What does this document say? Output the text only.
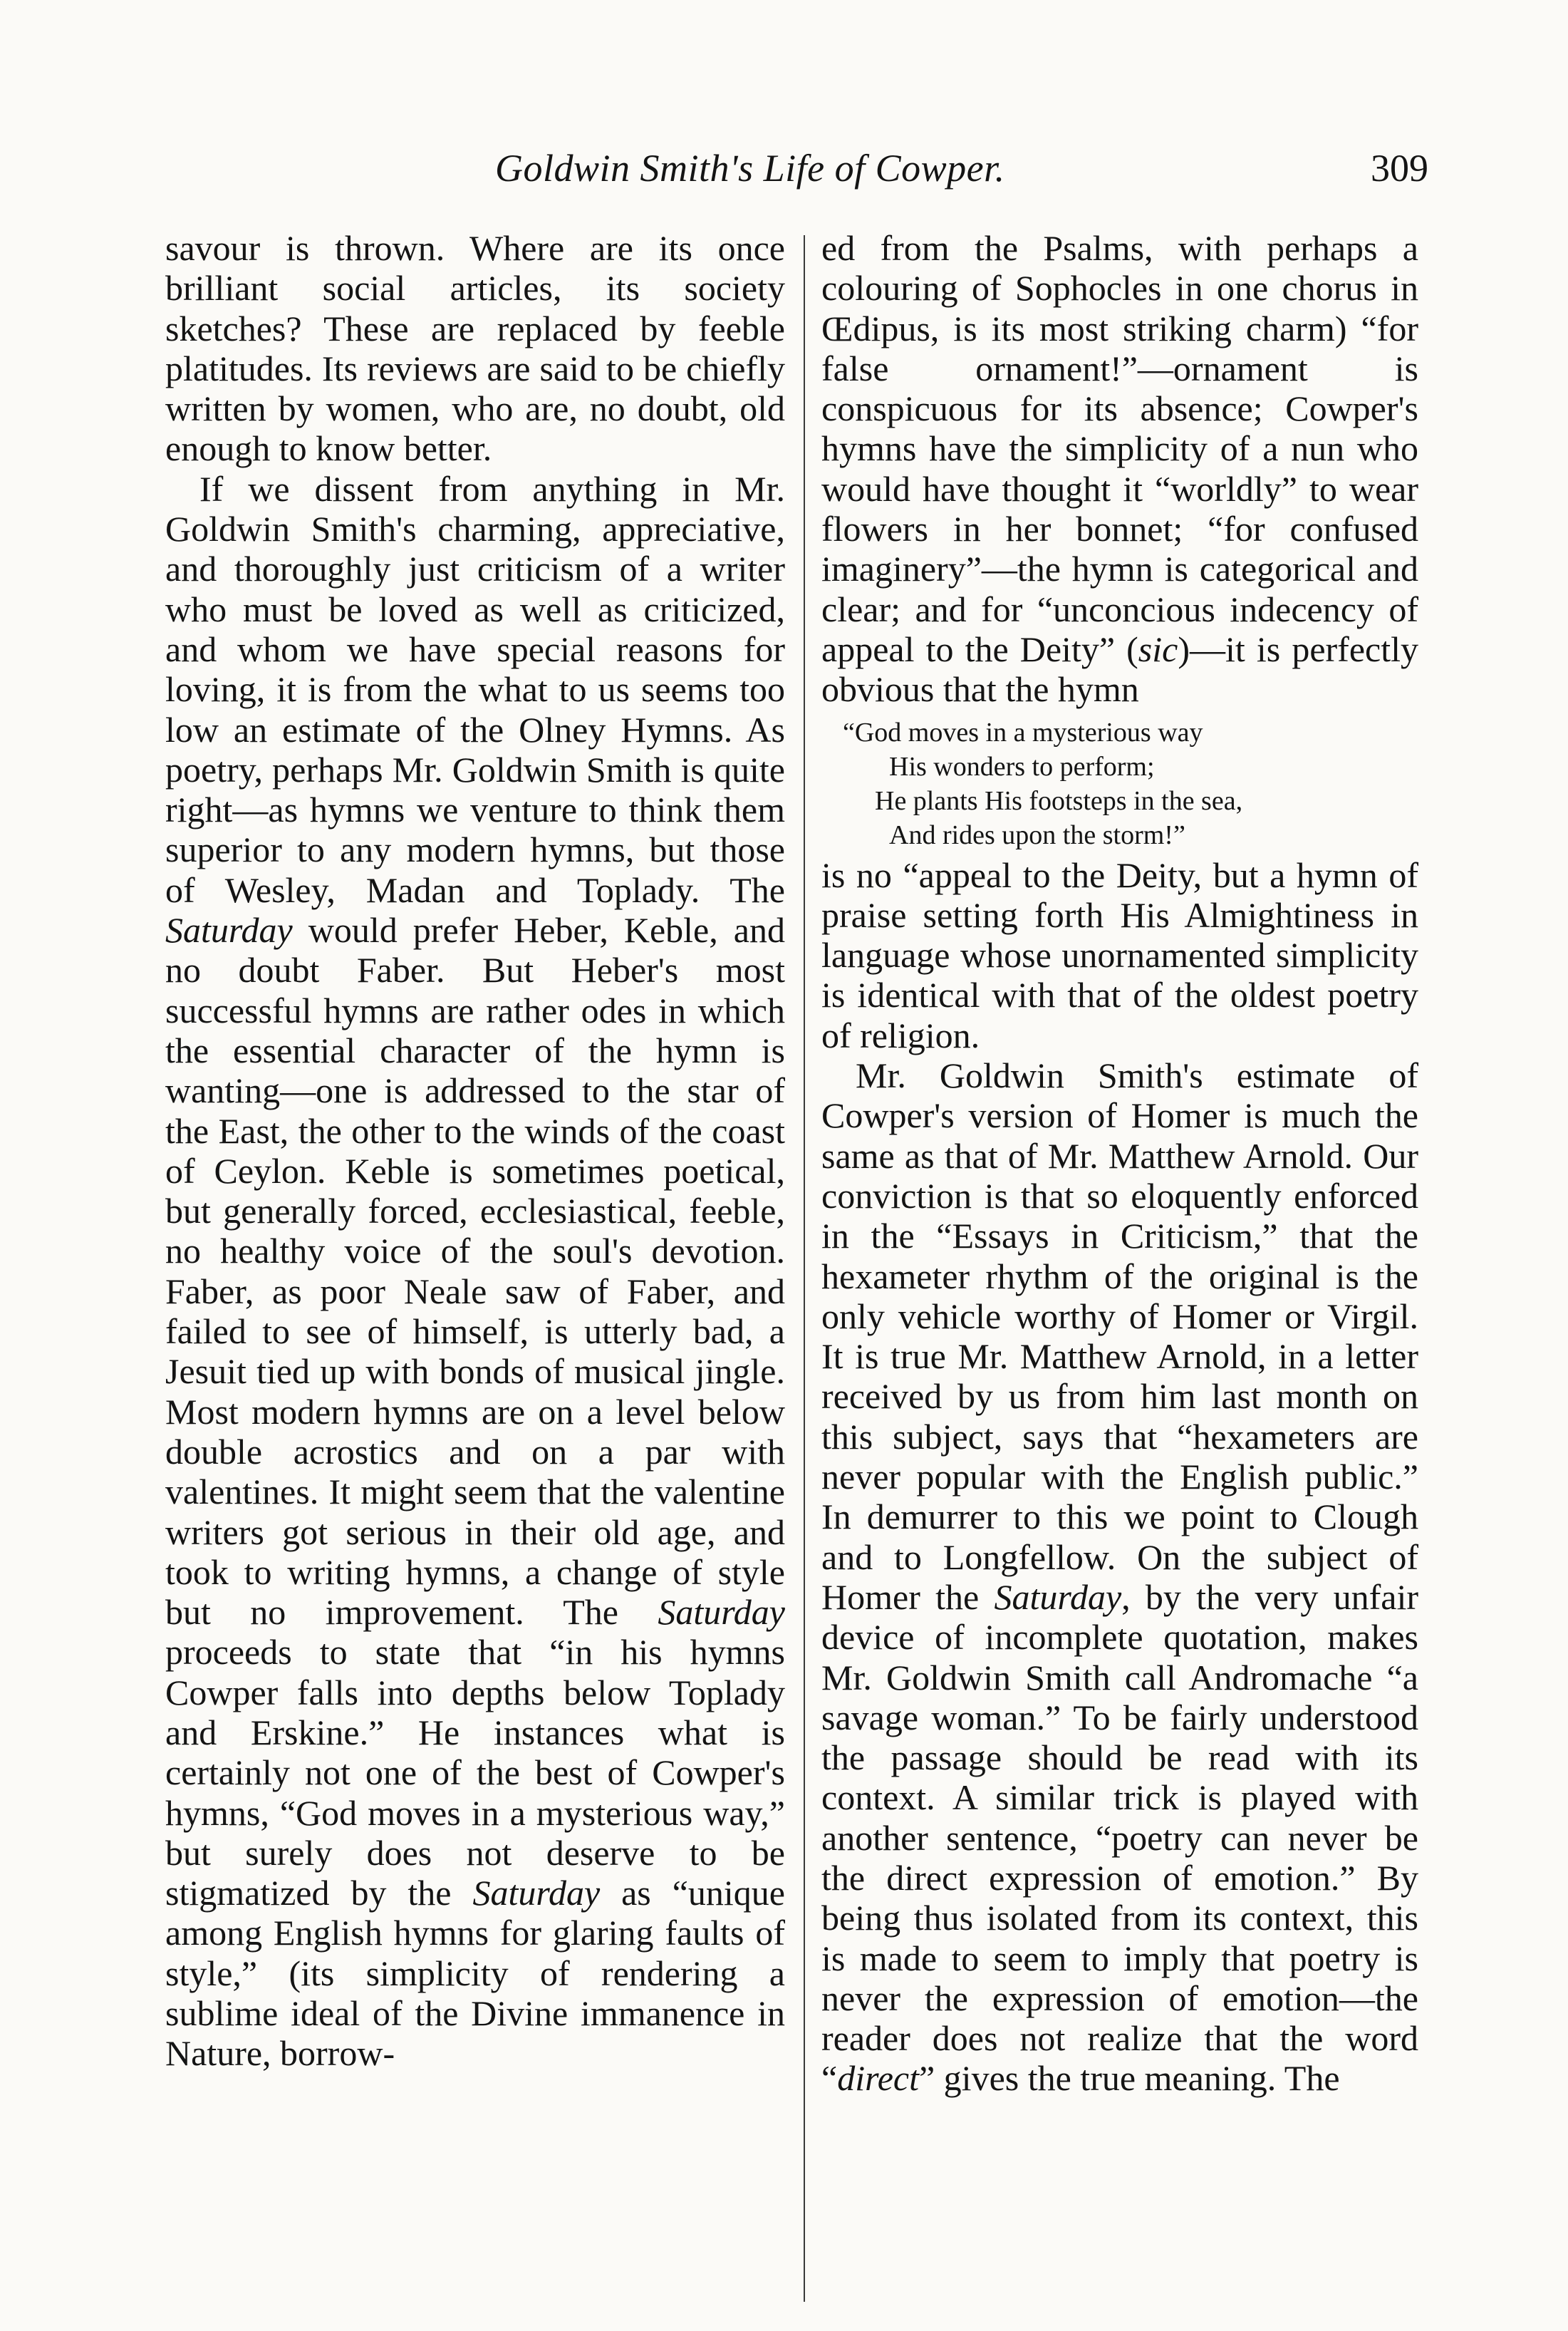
Goldwin Smith's Life of Cowper.	309

savour is thrown. Where are its once brilliant social articles, its society sketches? These are replaced by feeble platitudes. Its reviews are said to be chiefly written by women, who are, no doubt, old enough to know better.

If we dissent from anything in Mr. Goldwin Smith's charming, appreciative, and thoroughly just criticism of a writer who must be loved as well as criticized, and whom we have special reasons for loving, it is from the what to us seems too low an estimate of the Olney Hymns. As poetry, perhaps Mr. Goldwin Smith is quite right—as hymns we venture to think them superior to any modern hymns, but those of Wesley, Madan and Toplady. The Saturday would prefer Heber, Keble, and no doubt Faber. But Heber's most successful hymns are rather odes in which the essential character of the hymn is wanting—one is addressed to the star of the East, the other to the winds of the coast of Ceylon. Keble is sometimes poetical, but generally forced, ecclesiastical, feeble, no healthy voice of the soul's devotion. Faber, as poor Neale saw of Faber, and failed to see of himself, is utterly bad, a Jesuit tied up with bonds of musical jingle. Most modern hymns are on a level below double acrostics and on a par with valentines. It might seem that the valentine writers got serious in their old age, and took to writing hymns, a change of style but no improvement. The Saturday proceeds to state that “in his hymns Cowper falls into depths below Toplady and Erskine.” He instances what is certainly not one of the best of Cowper's hymns, “God moves in a mysterious way,” but surely does not deserve to be stigmatized by the Saturday as “unique among English hymns for glaring faults of style,” (its simplicity of rendering a sublime ideal of the Divine immanence in Nature, borrow-

ed from the Psalms, with perhaps a colouring of Sophocles in one chorus in Œdipus, is its most striking charm) “for false ornament!”—ornament is conspicuous for its absence; Cowper's hymns have the simplicity of a nun who would have thought it “worldly” to wear flowers in her bonnet; “for confused imaginery”—the hymn is categorical and clear; and for “unconcious indecency of appeal to the Deity” (sic)—it is perfectly obvious that the hymn

“God moves in a mysterious way
His wonders to perform;
He plants His footsteps in the sea,
And rides upon the storm!”

is no “appeal to the Deity, but a hymn of praise setting forth His Almightiness in language whose unornamented simplicity is identical with that of the oldest poetry of religion.

Mr. Goldwin Smith's estimate of Cowper's version of Homer is much the same as that of Mr. Matthew Arnold. Our conviction is that so eloquently enforced in the “Essays in Criticism,” that the hexameter rhythm of the original is the only vehicle worthy of Homer or Virgil. It is true Mr. Matthew Arnold, in a letter received by us from him last month on this subject, says that “hexameters are never popular with the English public.” In demurrer to this we point to Clough and to Longfellow. On the subject of Homer the Saturday, by the very unfair device of incomplete quotation, makes Mr. Goldwin Smith call Andromache “a savage woman.” To be fairly understood the passage should be read with its context. A similar trick is played with another sentence, “poetry can never be the direct expression of emotion.” By being thus isolated from its context, this is made to seem to imply that poetry is never the expression of emotion—the reader does not realize that the word “direct” gives the true meaning. The
